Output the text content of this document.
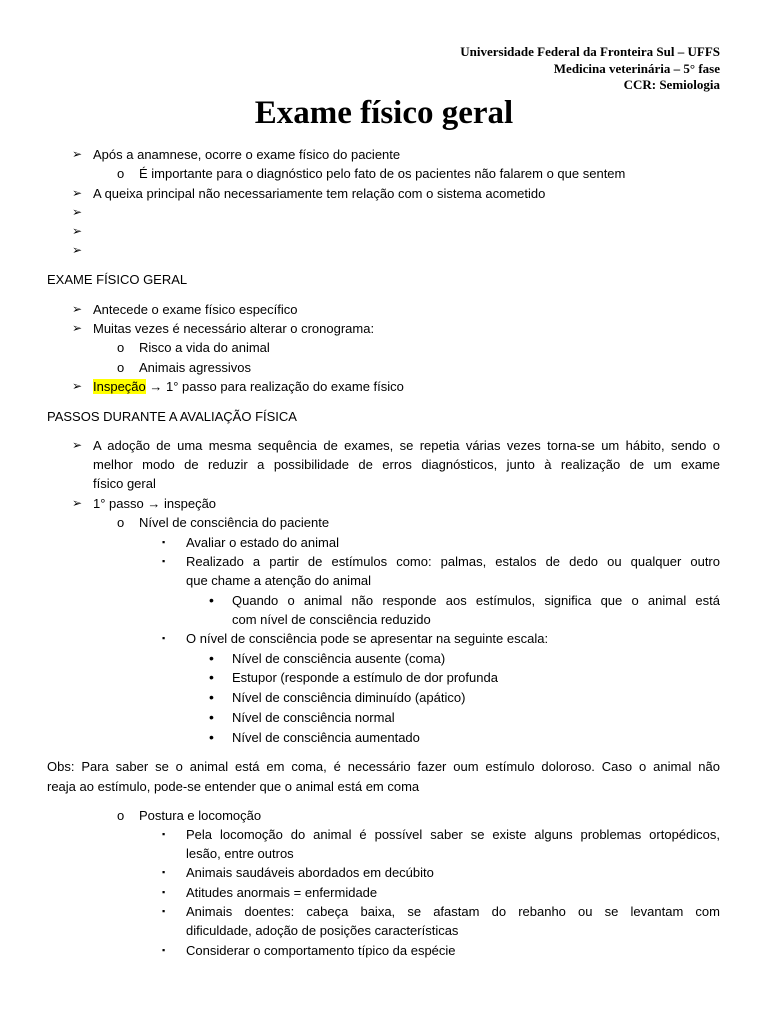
Universidade Federal da Fronteira Sul – UFFS
Medicina veterinária – 5° fase
CCR: Semiologia
Exame físico geral
➢ Após a anamnese, ocorre o exame físico do paciente
o É importante para o diagnóstico pelo fato de os pacientes não falarem o que sentem
➢ A queixa principal não necessariamente tem relação com o sistema acometido
➢
➢
➢
EXAME FÍSICO GERAL
➢ Antecede o exame físico específico
➢ Muitas vezes é necessário alterar o cronograma:
o Risco a vida do animal
o Animais agressivos
➢ Inspeção → 1° passo para realização do exame físico
PASSOS DURANTE A AVALIAÇÃO FÍSICA
➢ A adoção de uma mesma sequência de exames, se repetia várias vezes torna-se um hábito, sendo o
melhor modo de reduzir a possibilidade de erros diagnósticos, junto à realização de um exame
físico geral
➢ 1° passo → inspeção
o Nível de consciência do paciente
▪ Avaliar o estado do animal
▪ Realizado a partir de estímulos como: palmas, estalos de dedo ou qualquer outro
que chame a atenção do animal
• Quando o animal não responde aos estímulos, significa que o animal está
com nível de consciência reduzido
▪ O nível de consciência pode se apresentar na seguinte escala:
• Nível de consciência ausente (coma)
• Estupor (responde a estímulo de dor profunda
• Nível de consciência diminuído (apático)
• Nível de consciência normal
• Nível de consciência aumentado
Obs: Para saber se o animal está em coma, é necessário fazer oum estímulo doloroso. Caso o animal não
reaja ao estímulo, pode-se entender que o animal está em coma
o Postura e locomoção
▪ Pela locomoção do animal é possível saber se existe alguns problemas ortopédicos,
lesão, entre outros
▪ Animais saudáveis abordados em decúbito
▪ Atitudes anormais = enfermidade
▪ Animais doentes: cabeça baixa, se afastam do rebanho ou se levantam com
dificuldade, adoção de posições características
▪ Considerar o comportamento típico da espécie
